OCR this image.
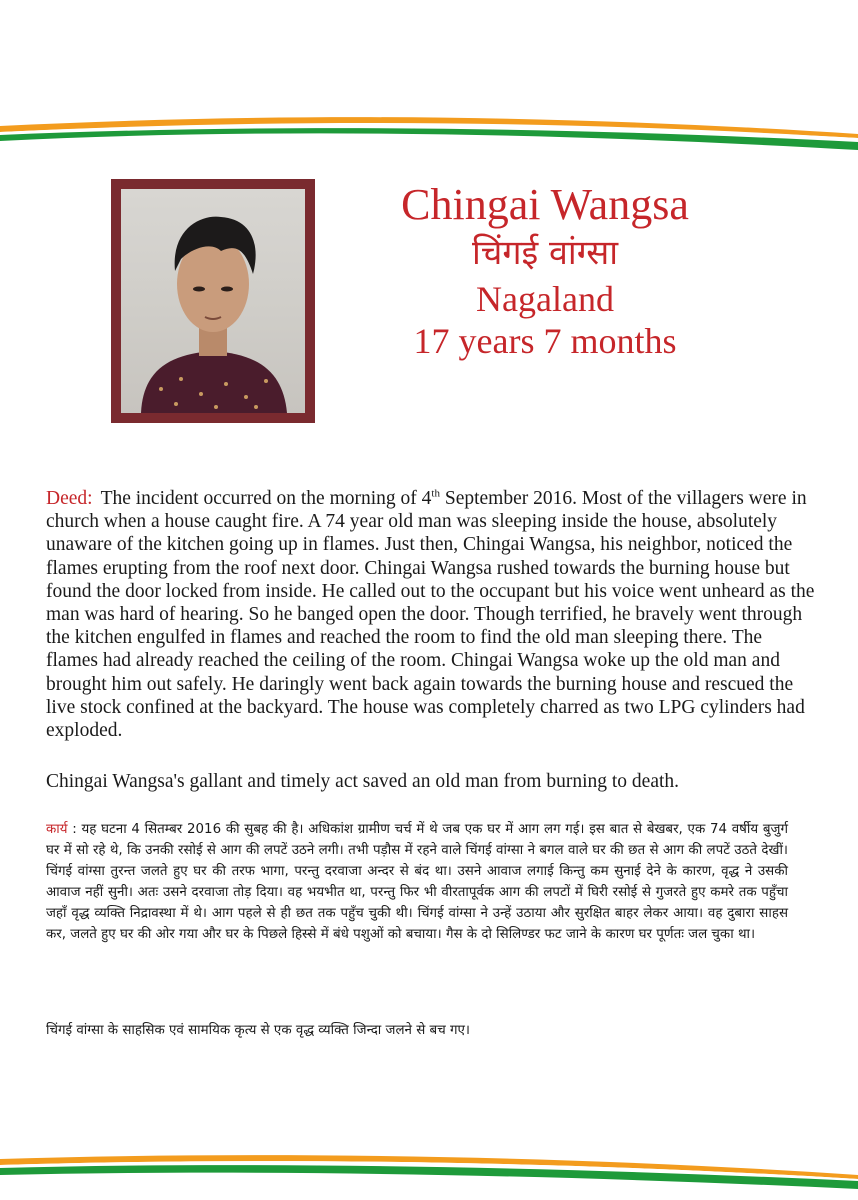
Chingai Wangsa

चिंगई वांग्सा

Nagaland

17 years 7 months

Deed: The incident occurred on the morning of 4th September 2016. Most of the villagers were in church when a house caught fire. A 74 year old man was sleeping inside the house, absolutely unaware of the kitchen going up in flames. Just then, Chingai Wangsa, his neighbor, noticed the flames erupting from the roof next door. Chingai Wangsa rushed towards the burning house but found the door locked from inside. He called out to the occupant but his voice went unheard as the man was hard of hearing. So he banged open the door. Though terrified, he bravely went through the kitchen engulfed in flames and reached the room to find the old man sleeping there. The flames had already reached the ceiling of the room. Chingai Wangsa woke up the old man and brought him out safely. He daringly went back again towards the burning house and rescued the live stock confined at the backyard. The house was completely charred as two LPG cylinders had exploded.

Chingai Wangsa's gallant and timely act saved an old man from burning to death.

कार्य : यह घटना 4 सितम्बर 2016 की सुबह की है। अधिकांश ग्रामीण चर्च में थे जब एक घर में आग लग गई। इस बात से बेखबर, एक 74 वर्षीय बुजुर्ग घर में सो रहे थे, कि उनकी रसोई से आग की लपटें उठने लगी। तभी पड़ौस में रहने वाले चिंगई वांग्सा ने बगल वाले घर की छत से आग की लपटें उठते देखीं। चिंगई वांग्सा तुरन्त जलते हुए घर की तरफ भागा, परन्तु दरवाजा अन्दर से बंद था। उसने आवाज लगाई किन्तु कम सुनाई देने के कारण, वृद्ध ने उसकी आवाज नहीं सुनी। अतः उसने दरवाजा तोड़ दिया। वह भयभीत था, परन्तु फिर भी वीरतापूर्वक आग की लपटों में घिरी रसोई से गुजरते हुए कमरे तक पहुँचा जहाँ वृद्ध व्यक्ति निद्रावस्था में थे। आग पहले से ही छत तक पहुँच चुकी थी। चिंगई वांग्सा ने उन्हें उठाया और सुरक्षित बाहर लेकर आया। वह दुबारा साहस कर, जलते हुए घर की ओर गया और घर के पिछले हिस्से में बंधे पशुओं को बचाया। गैस के दो सिलिण्डर फट जाने के कारण घर पूर्णतः जल चुका था।

चिंगई वांग्सा के साहसिक एवं सामयिक कृत्य से एक वृद्ध व्यक्ति जिन्दा जलने से बच गए।
